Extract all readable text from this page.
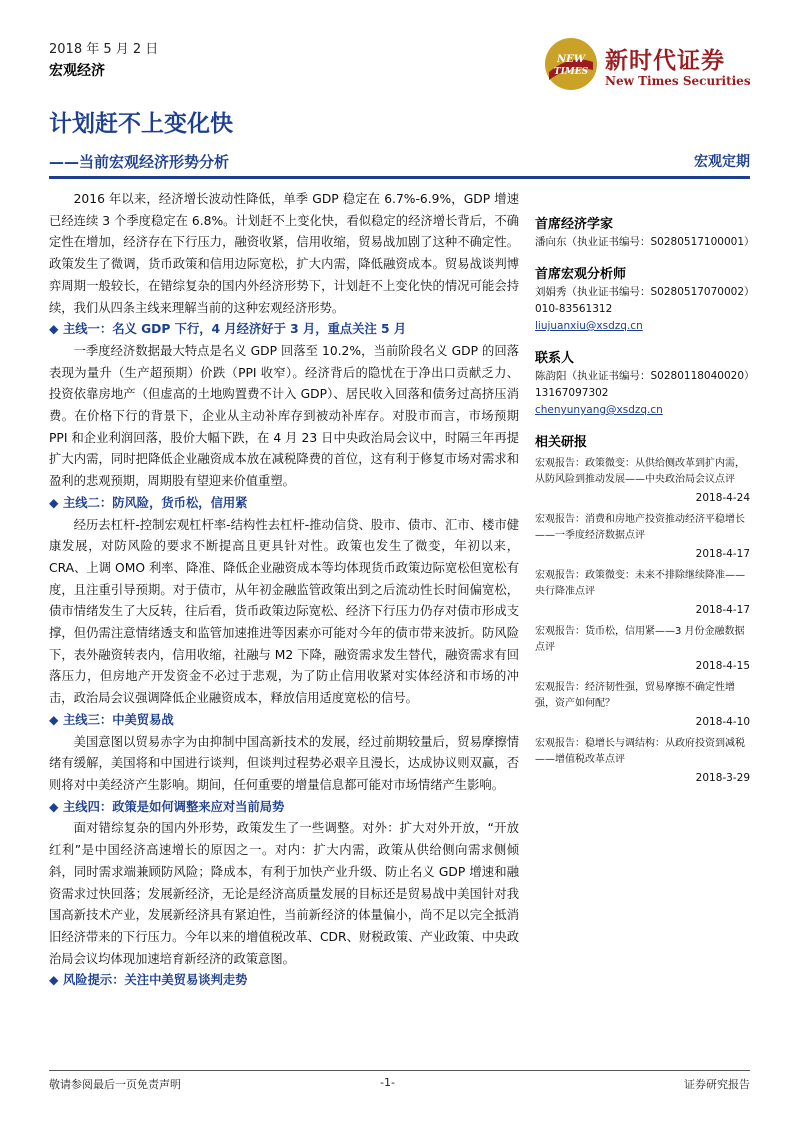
2018 年 5 月 2 日
宏观经济
NEW
TIMES 新时代证券
New Times Securities
计划赶不上变化快
——当前宏观经济形势分析	宏观定期

2016 年以来，经济增长波动性降低，单季 GDP 稳定在 6.7%-6.9%，GDP 增速已经连续 3 个季度稳定在 6.8%。计划赶不上变化快，看似稳定的经济增长背后，不确定性在增加，经济存在下行压力，融资收紧，信用收缩，贸易战加剧了这种不确定性。政策发生了微调，货币政策和信用边际宽松，扩大内需，降低融资成本。贸易战谈判博弈周期一般较长，在错综复杂的国内外经济形势下，计划赶不上变化快的情况可能会持续，我们从四条主线来理解当前的这种宏观经济形势。

◆ 主线一：名义 GDP 下行，4 月经济好于 3 月，重点关注 5 月

一季度经济数据最大特点是名义 GDP 回落至 10.2%，当前阶段名义 GDP 的回落表现为量升（生产超预期）价跌（PPI 收窄）。经济背后的隐忧在于净出口贡献乏力、投资依靠房地产（但虚高的土地购置费不计入 GDP）、居民收入回落和债务过高挤压消费。在价格下行的背景下，企业从主动补库存到被动补库存。对股市而言，市场预期 PPI 和企业利润回落，股价大幅下跌，在 4 月 23 日中央政治局会议中，时隔三年再提扩大内需，同时把降低企业融资成本放在减税降费的首位，这有利于修复市场对需求和盈利的悲观预期，周期股有望迎来价值重塑。

◆ 主线二：防风险，货币松，信用紧

经历去杠杆-控制宏观杠杆率-结构性去杠杆-推动信贷、股市、债市、汇市、楼市健康发展，对防风险的要求不断提高且更具针对性。政策也发生了微变，年初以来，CRA、上调 OMO 利率、降准、降低企业融资成本等均体现货币政策边际宽松但宽松有度，且注重引导预期。对于债市，从年初金融监管政策出到之后流动性长时间偏宽松，债市情绪发生了大反转，往后看，货币政策边际宽松、经济下行压力仍存对债市形成支撑，但仍需注意情绪透支和监管加速推进等因素亦可能对今年的债市带来波折。防风险下，表外融资转表内，信用收缩，社融与 M2 下降，融资需求发生替代，融资需求有回落压力，但房地产开发资金不必过于悲观，为了防止信用收紧对实体经济和市场的冲击，政治局会议强调降低企业融资成本，释放信用适度宽松的信号。

◆ 主线三：中美贸易战

美国意图以贸易赤字为由抑制中国高新技术的发展，经过前期较量后，贸易摩擦情绪有缓解，美国将和中国进行谈判，但谈判过程势必艰辛且漫长，达成协议则双赢，否则将对中美经济产生影响。期间，任何重要的增量信息都可能对市场情绪产生影响。

◆ 主线四：政策是如何调整来应对当前局势

面对错综复杂的国内外形势，政策发生了一些调整。对外：扩大对外开放，“开放红利”是中国经济高速增长的原因之一。对内：扩大内需，政策从供给侧向需求侧倾斜，同时需求端兼顾防风险；降成本，有利于加快产业升级、防止名义 GDP 增速和融资需求过快回落；发展新经济，无论是经济高质量发展的目标还是贸易战中美国针对我国高新技术产业，发展新经济具有紧迫性，当前新经济的体量偏小，尚不足以完全抵消旧经济带来的下行压力。今年以来的增值税改革、CDR、财税政策、产业政策、中央政治局会议均体现加速培育新经济的政策意图。

◆ 风险提示：关注中美贸易谈判走势
首席经济学家
潘向东（执业证书编号：S0280517100001）
首席宏观分析师
刘娟秀（执业证书编号：S0280517070002）
010-83561312
liujuanxiu@xsdzq.cn
联系人
陈韵阳（执业证书编号：S0280118040020）
13167097302
chenyunyang@xsdzq.cn
相关研报
宏观报告：政策微变：从供给侧改革到扩内需，从防风险到推动发展——中央政治局会议点评
2018-4-24
宏观报告：消费和房地产投资推动经济平稳增长——一季度经济数据点评
2018-4-17
宏观报告：政策微变：未来不排除继续降准——央行降准点评
2018-4-17
宏观报告：货币松，信用紧——3 月份金融数据点评
2018-4-15
宏观报告：经济韧性强，贸易摩擦不确定性增强，资产如何配？
2018-4-10
宏观报告：稳增长与调结构：从政府投资到减税——增值税改革点评
2018-3-29
敬请参阅最后一页免责声明	-1-	证券研究报告
